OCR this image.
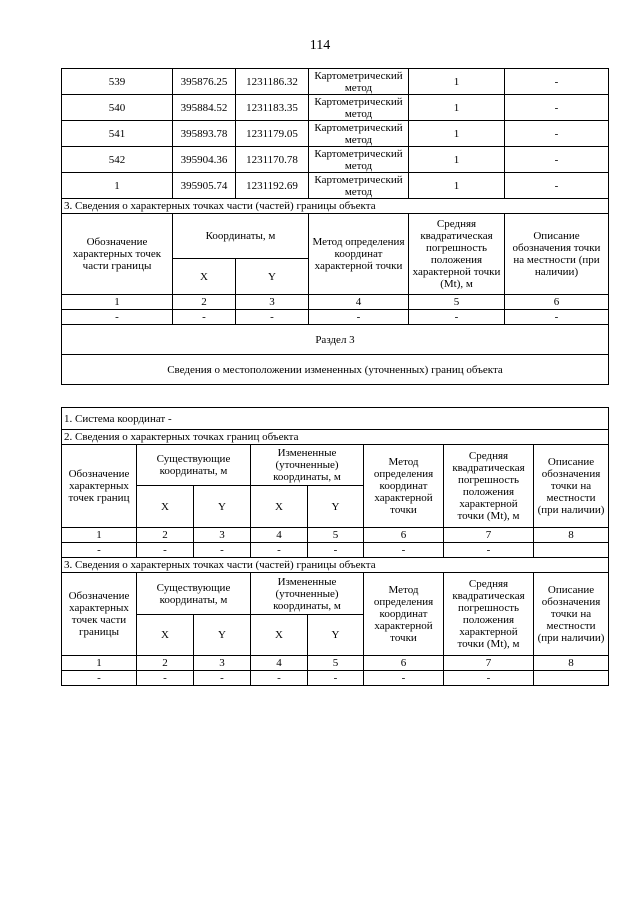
114
539	395876.25	1231186.32	Картометрический метод	1	-
540	395884.52	1231183.35	Картометрический метод	1	-
541	395893.78	1231179.05	Картометрический метод	1	-
542	395904.36	1231170.78	Картометрический метод	1	-
1	395905.74	1231192.69	Картометрический метод	1	-
3. Сведения о характерных точках части (частей) границы объекта					
Обозначение характерных точек части границы	Координаты, м		Метод определения координат характерной точки	Средняя квадратическая погрешность положения характерной точки (Mt), м	Описание обозначения точки на местности (при наличии)
	X	Y			
1	2	3	4	5	6
-	-	-	-	-	-
Раздел 3					
Сведения о местоположении измененных (уточненных) границ объекта					
1. Система координат -							
2. Сведения о характерных точках границ объекта							
Обозначение характерных точек границ	Существующие координаты, м		Измененные (уточненные) координаты, м		Метод определения координат характерной точки	Средняя квадратическая погрешность положения характерной точки (Mt), м	Описание обозначения точки на местности (при наличии)
	X	Y	X	Y			
1	2	3	4	5	6	7	8
-	-	-	-	-	-	-	
3. Сведения о характерных точках части (частей) границы объекта							
Обозначение характерных точек части границы	Существующие координаты, м		Измененные (уточненные) координаты, м		Метод определения координат характерной точки	Средняя квадратическая погрешность положения характерной точки (Mt), м	Описание обозначения точки на местности (при наличии)
	X	Y	X	Y			
1	2	3	4	5	6	7	8
-	-	-	-	-	-	-	
